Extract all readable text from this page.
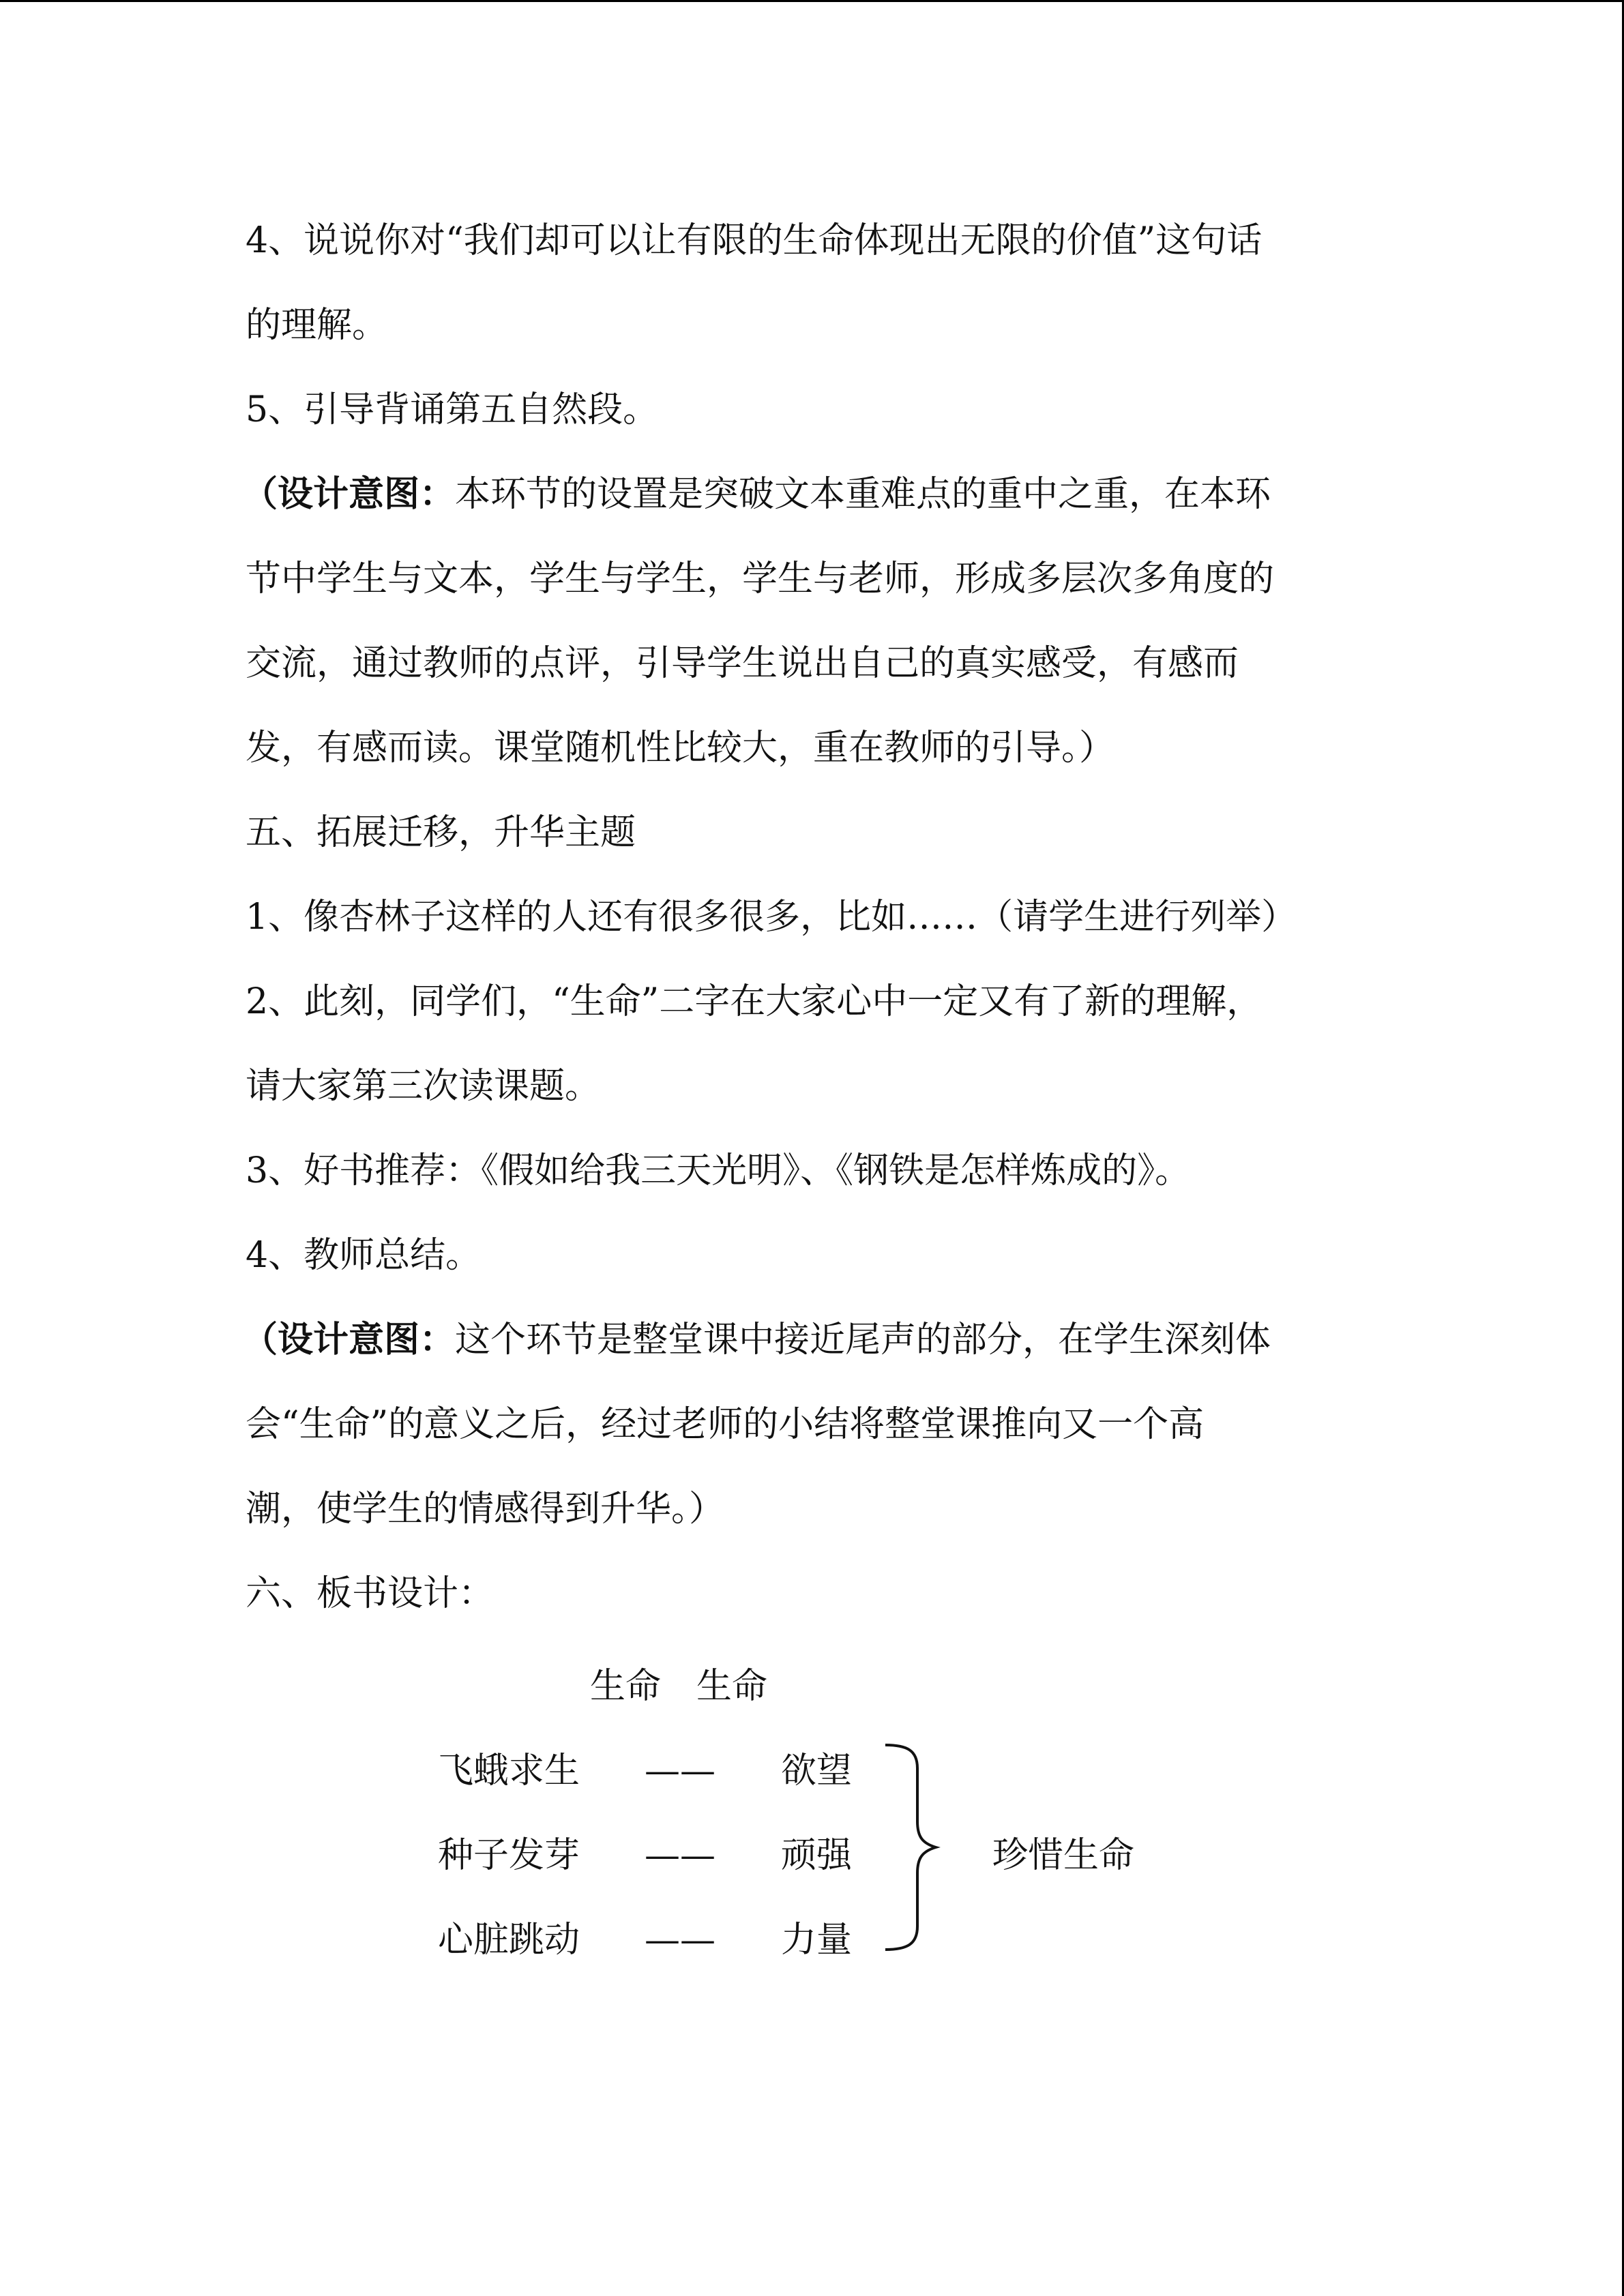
4、说说你对“我们却可以让有限的生命体现出无限的价值”这句话
的理解。
5、引导背诵第五自然段。
（设计意图：本环节的设置是突破文本重难点的重中之重，在本环
节中学生与文本，学生与学生，学生与老师，形成多层次多角度的
交流，通过教师的点评，引导学生说出自己的真实感受，有感而
发，有感而读。课堂随机性比较大，重在教师的引导。）
五、拓展迁移，升华主题
1、像杏林子这样的人还有很多很多，比如……（请学生进行列举）
2、此刻，同学们，“生命”二字在大家心中一定又有了新的理解，
请大家第三次读课题。
3、好书推荐：《假如给我三天光明》、《钢铁是怎样炼成的》。
4、教师总结。
（设计意图：这个环节是整堂课中接近尾声的部分，在学生深刻体
会“生命”的意义之后，经过老师的小结将整堂课推向又一个高
潮，使学生的情感得到升华。）
六、板书设计：
生命　生命
飞蛾求生 —— 欲望
种子发芽 —— 顽强
心脏跳动 —— 力量
珍惜生命
